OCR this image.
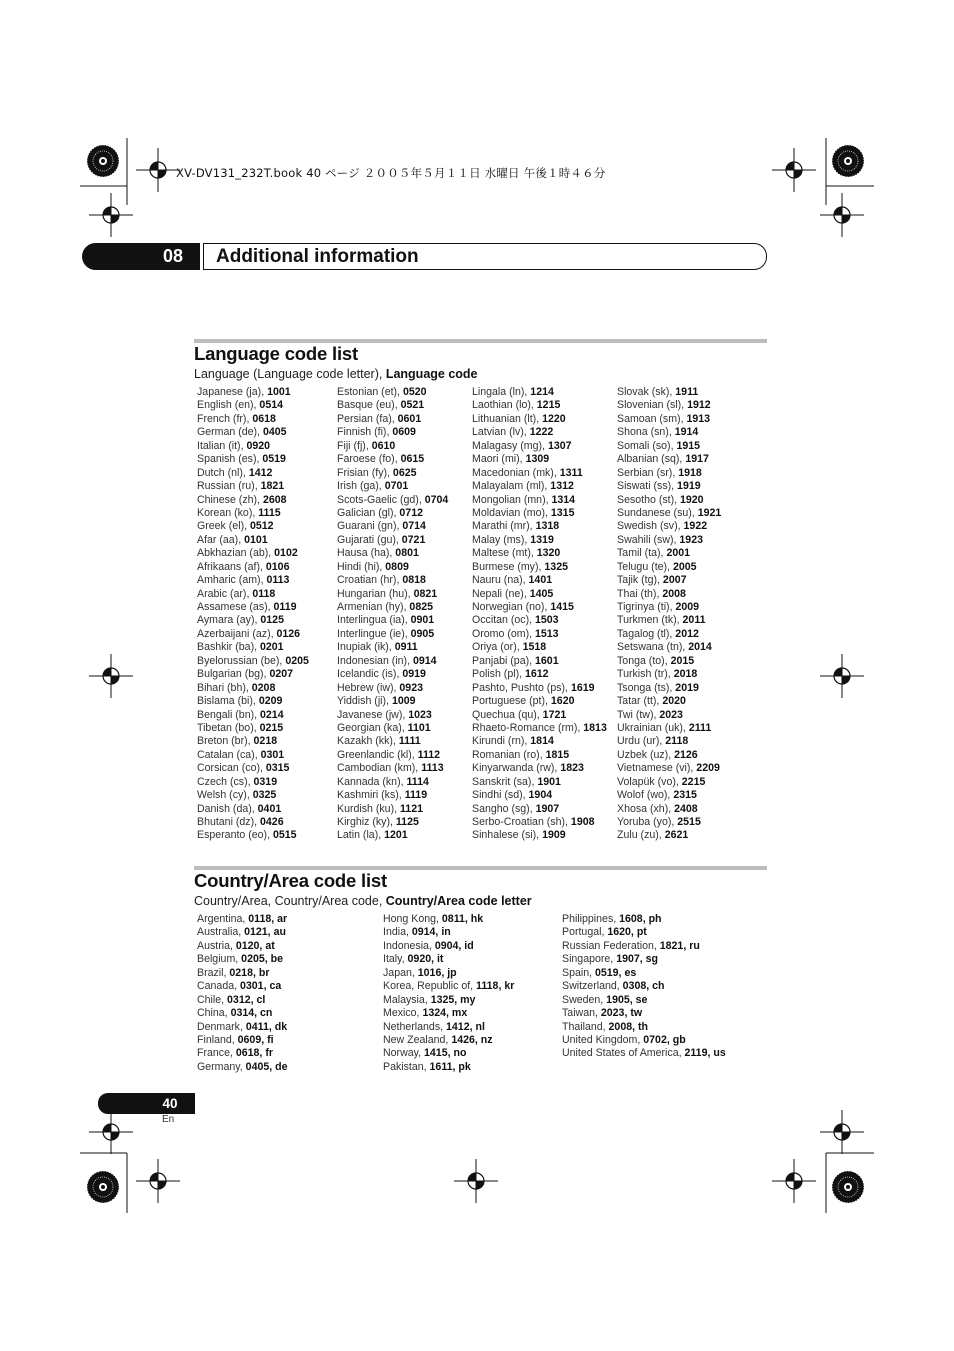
XV-DV131_232T.book 40 ページ ２００５年５月１１日 水曜日 午後１時４６分
08	Additional information
Language code list
Language (Language code letter), Language code
Japanese (ja), 1001
English (en), 0514
French (fr), 0618
German (de), 0405
Italian (it), 0920
Spanish (es), 0519
Dutch (nl), 1412
Russian (ru), 1821
Chinese (zh), 2608
Korean (ko), 1115
Greek (el), 0512
Afar (aa), 0101
Abkhazian (ab), 0102
Afrikaans (af), 0106
Amharic (am), 0113
Arabic (ar), 0118
Assamese (as), 0119
Aymara (ay), 0125
Azerbaijani (az), 0126
Bashkir (ba), 0201
Byelorussian (be), 0205
Bulgarian (bg), 0207
Bihari (bh), 0208
Bislama (bi), 0209
Bengali (bn), 0214
Tibetan (bo), 0215
Breton (br), 0218
Catalan (ca), 0301
Corsican (co), 0315
Czech (cs), 0319
Welsh (cy), 0325
Danish (da), 0401
Bhutani (dz), 0426
Esperanto (eo), 0515
Estonian (et), 0520
Basque (eu), 0521
Persian (fa), 0601
Finnish (fi), 0609
Fiji (fj), 0610
Faroese (fo), 0615
Frisian (fy), 0625
Irish (ga), 0701
Scots-Gaelic (gd), 0704
Galician (gl), 0712
Guarani (gn), 0714
Gujarati (gu), 0721
Hausa (ha), 0801
Hindi (hi), 0809
Croatian (hr), 0818
Hungarian (hu), 0821
Armenian (hy), 0825
Interlingua (ia), 0901
Interlingue (ie), 0905
Inupiak (ik), 0911
Indonesian (in), 0914
Icelandic (is), 0919
Hebrew (iw), 0923
Yiddish (ji), 1009
Javanese (jw), 1023
Georgian (ka), 1101
Kazakh (kk), 1111
Greenlandic (kl), 1112
Cambodian (km), 1113
Kannada (kn), 1114
Kashmiri (ks), 1119
Kurdish (ku), 1121
Kirghiz (ky), 1125
Latin (la), 1201
Lingala (ln), 1214
Laothian (lo), 1215
Lithuanian (lt), 1220
Latvian (lv), 1222
Malagasy (mg), 1307
Maori (mi), 1309
Macedonian (mk), 1311
Malayalam (ml), 1312
Mongolian (mn), 1314
Moldavian (mo), 1315
Marathi (mr), 1318
Malay (ms), 1319
Maltese (mt), 1320
Burmese (my), 1325
Nauru (na), 1401
Nepali (ne), 1405
Norwegian (no), 1415
Occitan (oc), 1503
Oromo (om), 1513
Oriya (or), 1518
Panjabi (pa), 1601
Polish (pl), 1612
Pashto, Pushto (ps), 1619
Portuguese (pt), 1620
Quechua (qu), 1721
Rhaeto-Romance (rm), 1813
Kirundi (rn), 1814
Romanian (ro), 1815
Kinyarwanda (rw), 1823
Sanskrit (sa), 1901
Sindhi (sd), 1904
Sangho (sg), 1907
Serbo-Croatian (sh), 1908
Sinhalese (si), 1909
Slovak (sk), 1911
Slovenian (sl), 1912
Samoan (sm), 1913
Shona (sn), 1914
Somali (so), 1915
Albanian (sq), 1917
Serbian (sr), 1918
Siswati (ss), 1919
Sesotho (st), 1920
Sundanese (su), 1921
Swedish (sv), 1922
Swahili (sw), 1923
Tamil (ta), 2001
Telugu (te), 2005
Tajik (tg), 2007
Thai (th), 2008
Tigrinya (ti), 2009
Turkmen (tk), 2011
Tagalog (tl), 2012
Setswana (tn), 2014
Tonga (to), 2015
Turkish (tr), 2018
Tsonga (ts), 2019
Tatar (tt), 2020
Twi (tw), 2023
Ukrainian (uk), 2111
Urdu (ur), 2118
Uzbek (uz), 2126
Vietnamese (vi), 2209
Volapük (vo), 2215
Wolof (wo), 2315
Xhosa (xh), 2408
Yoruba (yo), 2515
Zulu (zu), 2621
Country/Area code list
Country/Area, Country/Area code, Country/Area code letter
Argentina, 0118, ar
Australia, 0121, au
Austria, 0120, at
Belgium, 0205, be
Brazil, 0218, br
Canada, 0301, ca
Chile, 0312, cl
China, 0314, cn
Denmark, 0411, dk
Finland, 0609, fi
France, 0618, fr
Germany, 0405, de
Hong Kong, 0811, hk
India, 0914, in
Indonesia, 0904, id
Italy, 0920, it
Japan, 1016, jp
Korea, Republic of, 1118, kr
Malaysia, 1325, my
Mexico, 1324, mx
Netherlands, 1412, nl
New Zealand, 1426, nz
Norway, 1415, no
Pakistan, 1611, pk
Philippines, 1608, ph
Portugal, 1620, pt
Russian Federation, 1821, ru
Singapore, 1907, sg
Spain, 0519, es
Switzerland, 0308, ch
Sweden, 1905, se
Taiwan, 2023, tw
Thailand, 2008, th
United Kingdom, 0702, gb
United States of America, 2119, us
40
En
